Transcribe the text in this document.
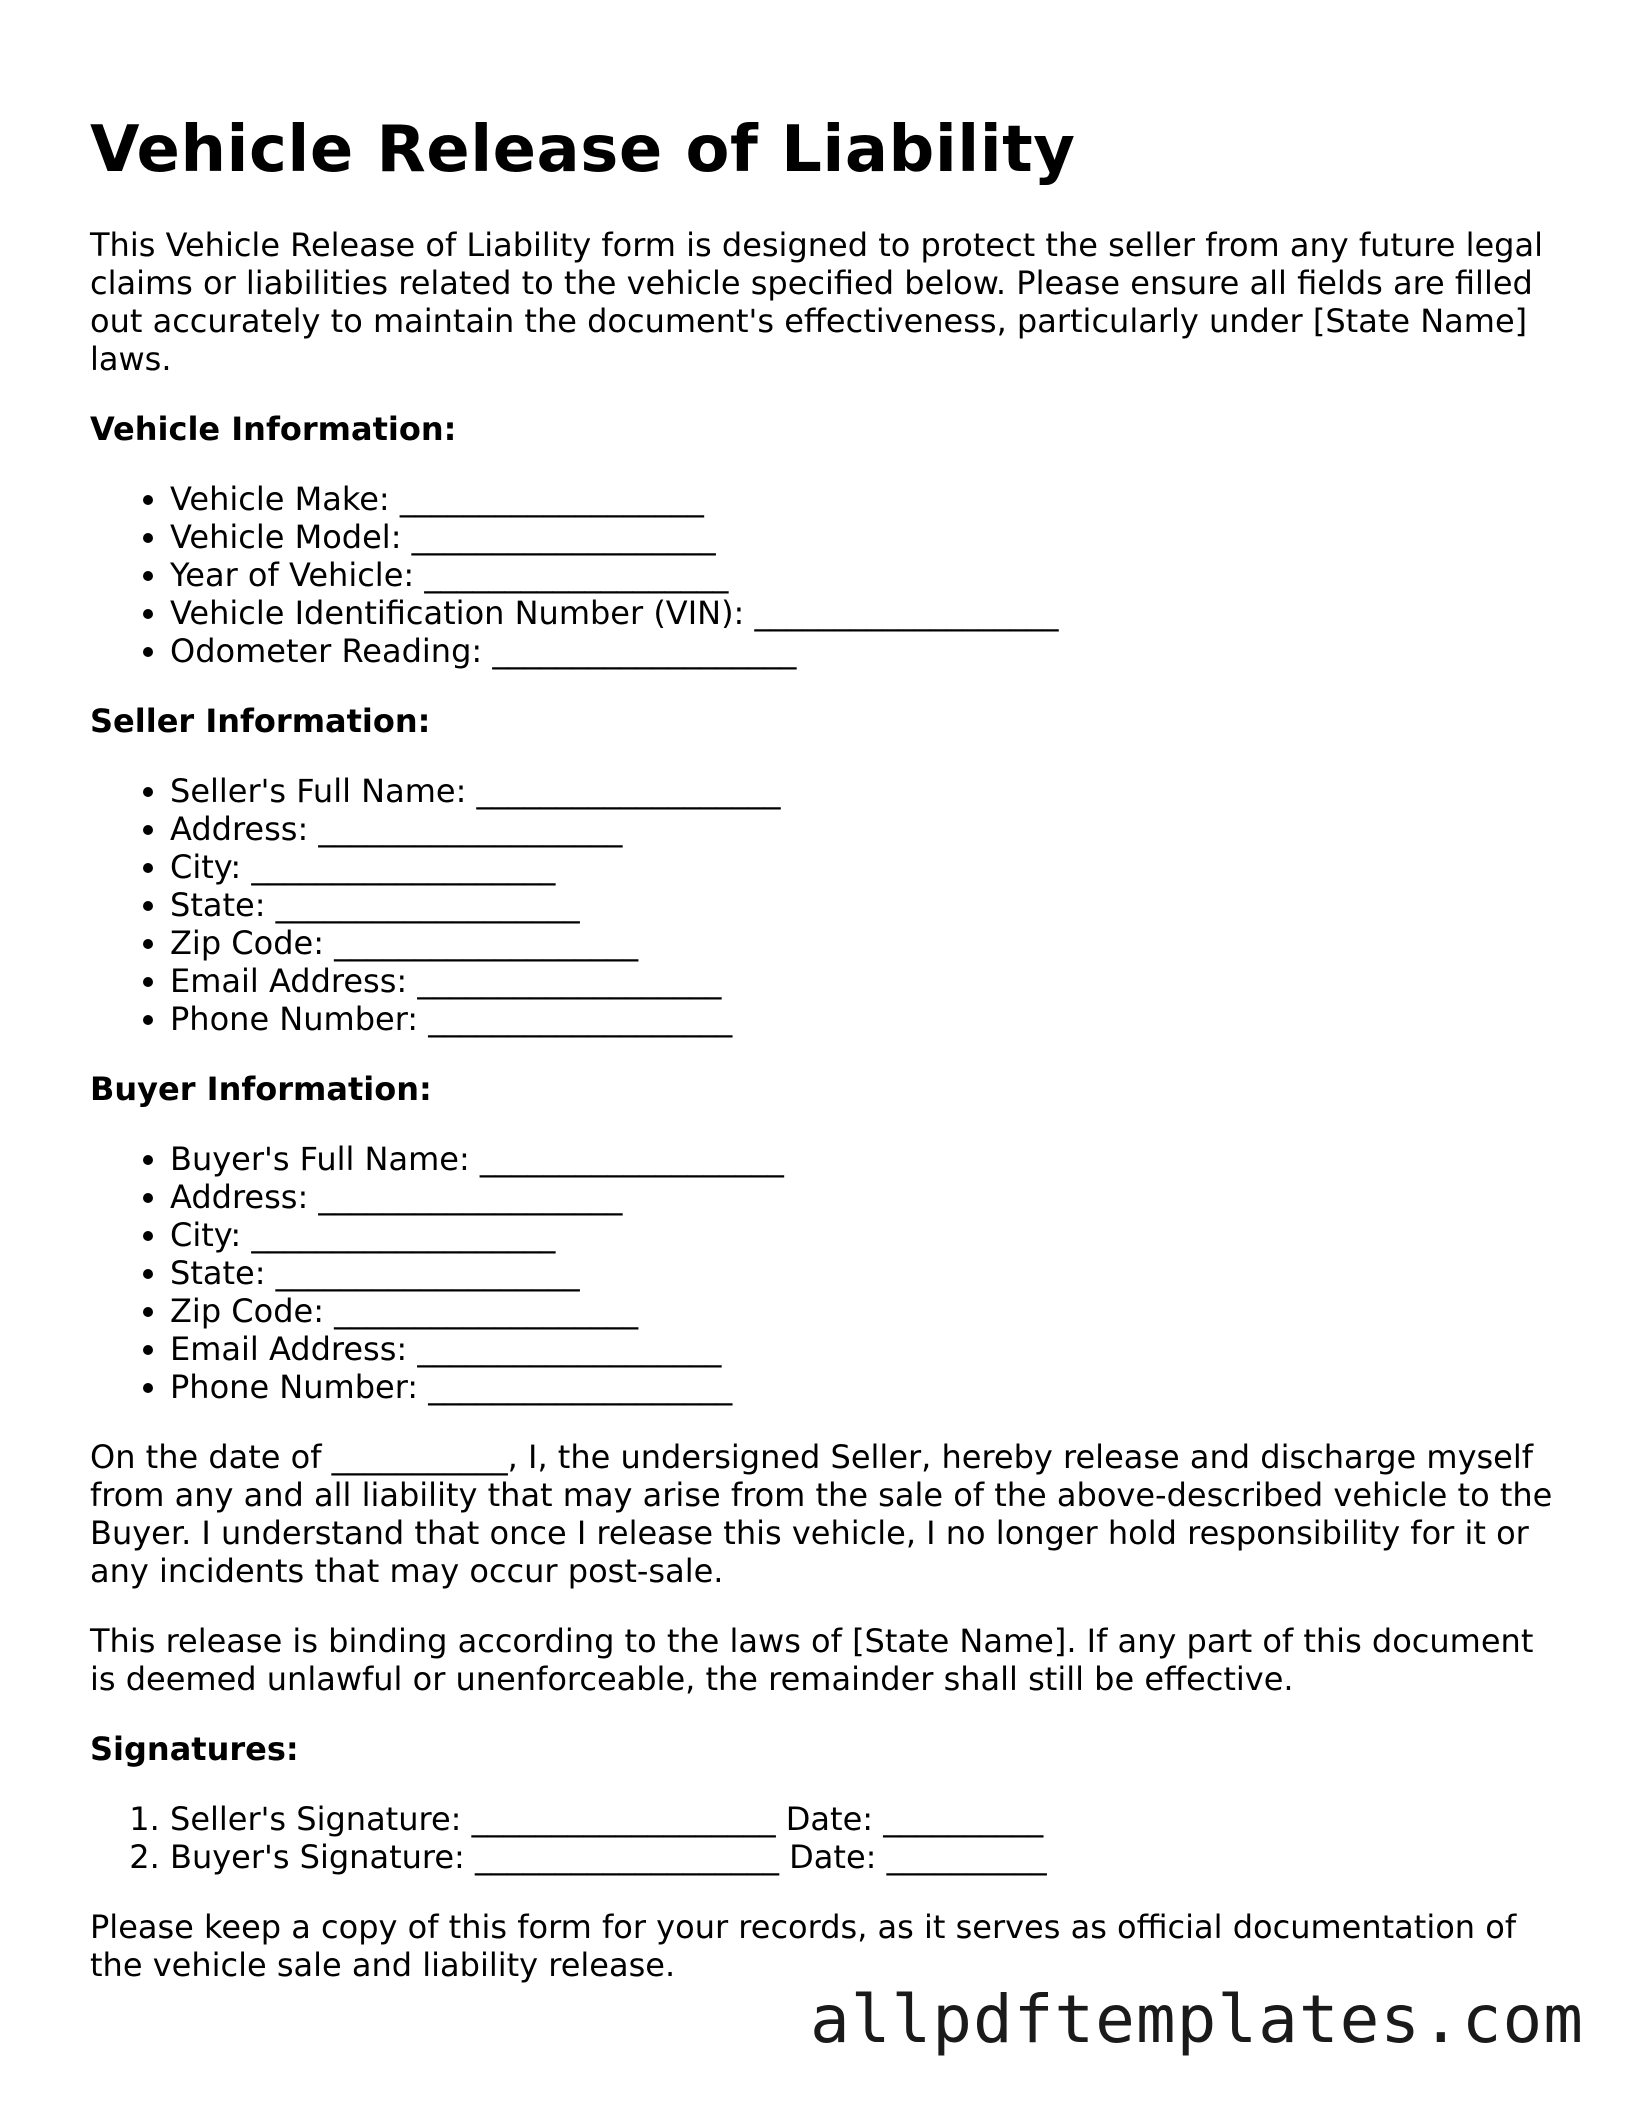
Vehicle Release of Liability

This Vehicle Release of Liability form is designed to protect the seller from any future legal claims or liabilities related to the vehicle specified below. Please ensure all fields are filled out accurately to maintain the document's effectiveness, particularly under [State Name] laws.

Vehicle Information:
• Vehicle Make: ___________________
• Vehicle Model: ___________________
• Year of Vehicle: ___________________
• Vehicle Identification Number (VIN): ___________________
• Odometer Reading: ___________________
Seller Information:
• Seller's Full Name: ___________________
• Address: ___________________
• City: ___________________
• State: ___________________
• Zip Code: ___________________
• Email Address: ___________________
• Phone Number: ___________________
Buyer Information:
• Buyer's Full Name: ___________________
• Address: ___________________
• City: ___________________
• State: ___________________
• Zip Code: ___________________
• Email Address: ___________________
• Phone Number: ___________________

On the date of ___________, I, the undersigned Seller, hereby release and discharge myself from any and all liability that may arise from the sale of the above-described vehicle to the Buyer. I understand that once I release this vehicle, I no longer hold responsibility for it or any incidents that may occur post-sale.

This release is binding according to the laws of [State Name]. If any part of this document is deemed unlawful or unenforceable, the remainder shall still be effective.

Signatures:
1. Seller's Signature: ___________________ Date: __________
2. Buyer's Signature: ___________________ Date: __________

Please keep a copy of this form for your records, as it serves as official documentation of the vehicle sale and liability release.

allpdftemplates.com
